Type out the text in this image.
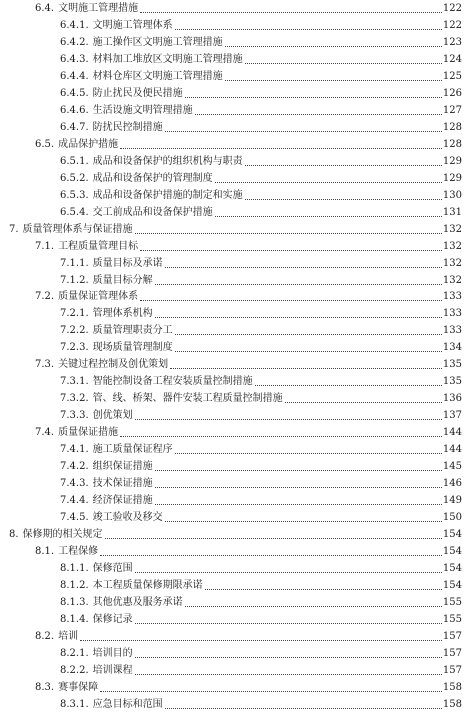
6.4. 文明施工管理措施	122
6.4.1. 文明施工管理体系	122
6.4.2. 施工操作区文明施工管理措施	123
6.4.3. 材料加工堆放区文明施工管理措施	124
6.4.4. 材料仓库区文明施工管理措施	125
6.4.5. 防止扰民及便民措施	126
6.4.6. 生活设施文明管理措施	127
6.4.7. 防扰民控制措施	128
6.5. 成品保护措施	128
6.5.1. 成品和设备保护的组织机构与职责	129
6.5.2. 成品和设备保护的管理制度	129
6.5.3. 成品和设备保护措施的制定和实施	130
6.5.4. 交工前成品和设备保护措施	131
7. 质量管理体系与保证措施	132
7.1. 工程质量管理目标	132
7.1.1. 质量目标及承诺	132
7.1.2. 质量目标分解	132
7.2. 质量保证管理体系	133
7.2.1. 管理体系机构	133
7.2.2. 质量管理职责分工	133
7.2.3. 现场质量管理制度	134
7.3. 关键过程控制及创优策划	135
7.3.1. 智能控制设备工程安装质量控制措施	135
7.3.2. 管、线、桥架、器件安装工程质量控制措施	136
7.3.3. 创优策划	137
7.4. 质量保证措施	144
7.4.1. 施工质量保证程序	144
7.4.2. 组织保证措施	145
7.4.3. 技术保证措施	146
7.4.4. 经济保证措施	149
7.4.5. 竣工验收及移交	150
8. 保修期的相关规定	154
8.1. 工程保修	154
8.1.1. 保修范围	154
8.1.2. 本工程质量保修期限承诺	154
8.1.3. 其他优惠及服务承诺	155
8.1.4. 保修记录	155
8.2. 培训	157
8.2.1. 培训目的	157
8.2.2. 培训课程	157
8.3. 赛事保障	158
8.3.1. 应急目标和范围	158
